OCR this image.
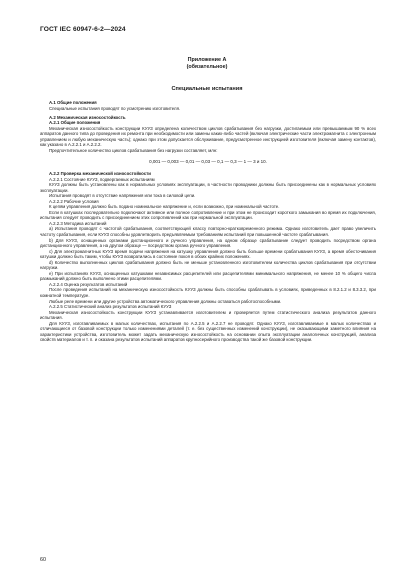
ГОСТ IEC 60947-6-2—2024
Приложение А
(обязательное)
Специальные испытания

А.1 Общие положения

Специальные испытания проводят по усмотрению изготовителя.

А.2 Механическая износостойкость

А.2.1 Общие положения

Механическая износостойкость конструкции КУУЗ определена количеством циклов срабатывания без нагрузки, достигаемым или превышаемым 90 % всех аппаратов данного типа до проведения их ремонта при необходимости или замены каких-либо частей (включая электрические части электромагнита с электронным управлением и любую механическую часть); однако при этом допускается обслуживание, предусмотренное инструкцией изготовителя (включая замену контактов), как указано в А.2.2.1 и А.2.2.2.

Предпочтительное количество циклов срабатывания без нагрузки составляет, млн:

0,001 — 0,003 — 0,01 — 0,03 — 0,1 — 0,3 — 1 — 3 и 10.

А.2.2 Проверка механической износостойкости

А.2.2.1 Состояние КУУЗ, подвергаемых испытаниям

КУУЗ должны быть установлены как в нормальных условиях эксплуатации, в частности проводники должны быть присоединены как в нормальных условиях эксплуатации.

Испытания проводят в отсутствие напряжения или тока в силовой цепи.

А.2.2.2 Рабочие условия

К цепям управления должно быть подано номинальное напряжение и, если возможно, при номинальной частоте.

Если в катушках последовательно подключают активное или полное сопротивление и при этом не происходит короткого замыкания во время их подключения, испытания следует проводить с присоединением этих сопротивлений как при нормальной эксплуатации.

А.2.2.3 Методика испытаний

а) Испытания проводят с частотой срабатывания, соответствующей классу повторно-кратковременного режима. Однако изготовитель дает право увеличить частоту срабатывания, если КУУЗ способны удовлетворить предъявляемым требованиям испытаний при повышенной частоте срабатывания.

b) Для КУУЗ, оснащенных органами дистанционного и ручного управления, на одном образце срабатывание следует проводить посредством органа дистанционного управления, а на другом образце — посредством органа ручного управления.

c) Для электромагнитных КУУЗ время подачи напряжения на катушку управления должно быть больше времени срабатывания КУУЗ, а время обесточивания катушки должно быть таким, чтобы КУУЗ возвратились в состояние покоя в обоих крайних положениях.

d) Количество выполненных циклов срабатывания должно быть не меньше установленного изготовителем количества циклов срабатывания при отсутствии нагрузки.

e) При испытаниях КУУЗ, оснащенных катушками независимых расцепителей или расцепителями минимального напряжения, не менее 10 % общего числа размыканий должно быть выполнено этими расцепителями.

А.2.2.4 Оценка результатов испытаний

После проведения испытаний на механическую износостойкость КУУЗ должны быть способны срабатывать в условиях, приведенных в 8.2.1.2 и 8.3.3.2, при комнатной температуре.

Любые реле времени или другие устройства автоматического управления должны оставаться работоспособными.

А.2.2.5 Статистический анализ результатов испытаний КУУЗ

Механическая износостойкость конструкции КУУЗ устанавливается изготовителем и проверяется путем статистического анализа результатов данного испытания.

Для КУУЗ, изготавливаемых в малых количествах, испытания по А.2.2.5 и А.2.2.7 не проводят. Однако КУУЗ, изготавливаемые в малых количествах и отличающиеся от базовой конструкции только изменениями деталей (т. е. без существенных изменений конструкции), не оказывающими заметного влияния на характеристики устройства, изготовитель может задать механическую износостойкость на основании опыта эксплуатации аналогичных конструкций, анализа свойств материалов и т. п. и оказана результатов испытаний аппаратов крупносерийного производства такой же базовой конструкции.

60
